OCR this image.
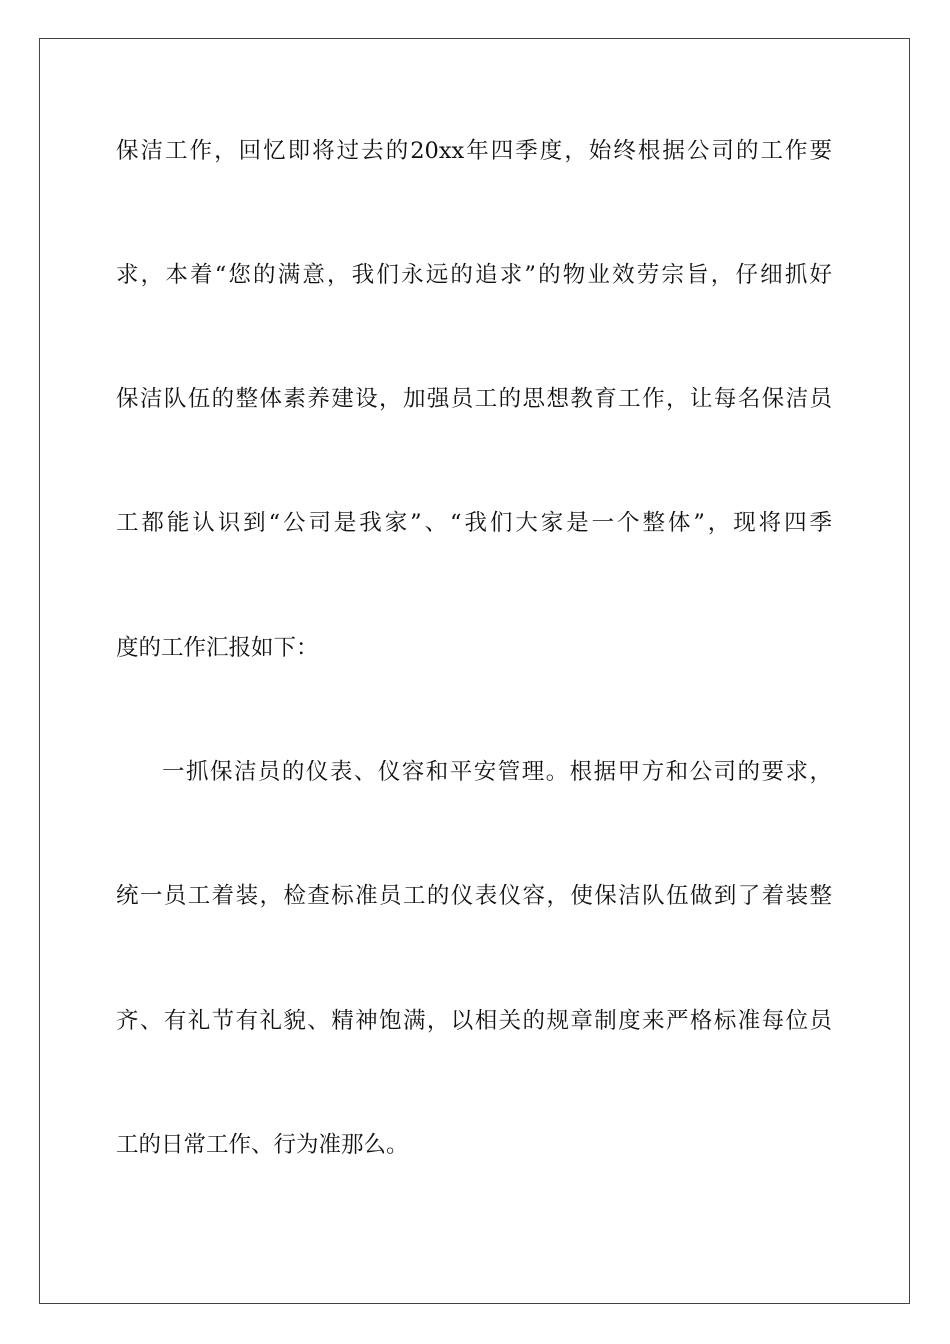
保洁工作，回忆即将过去的20xx年四季度，始终根据公司的工作要
求，本着“您的满意，我们永远的追求”的物业效劳宗旨，仔细抓好
保洁队伍的整体素养建设，加强员工的思想教育工作，让每名保洁员
工都能认识到“公司是我家”、“我们大家是一个整体”，现将四季
度的工作汇报如下：
一抓保洁员的仪表、仪容和平安管理。根据甲方和公司的要求，
统一员工着装，检查标准员工的仪表仪容，使保洁队伍做到了着装整
齐、有礼节有礼貌、精神饱满，以相关的规章制度来严格标准每位员
工的日常工作、行为准那么。
